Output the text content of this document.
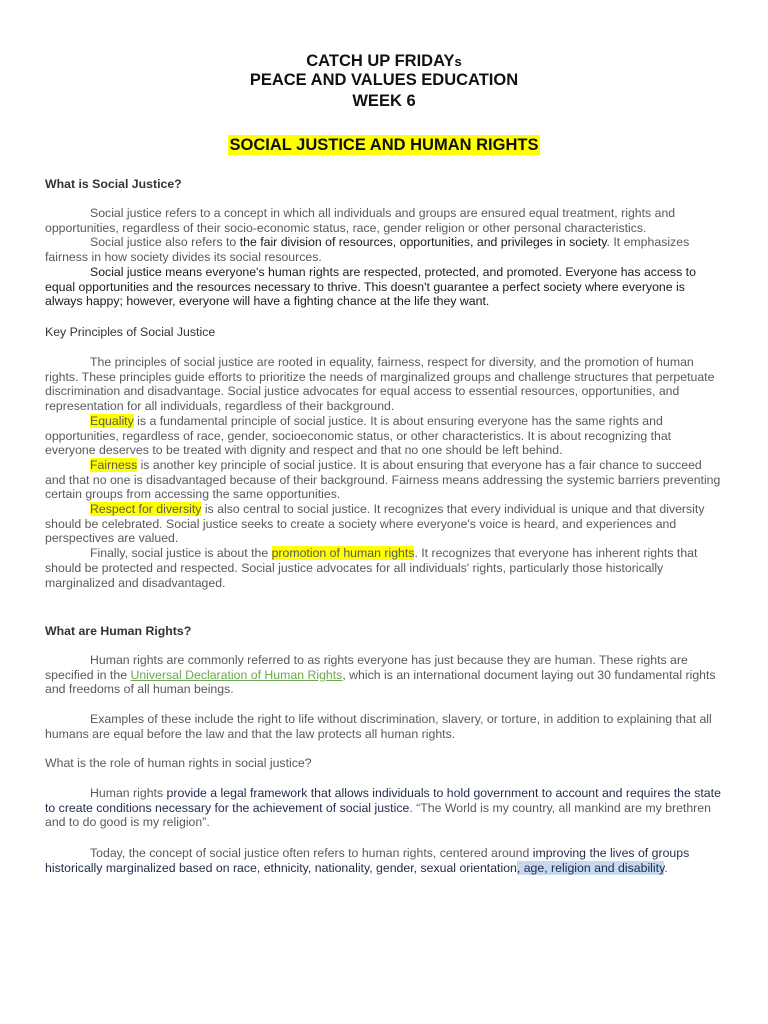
CATCH UP FRIDAYs
PEACE AND VALUES EDUCATION
WEEK 6
SOCIAL JUSTICE AND HUMAN RIGHTS
What is Social Justice?

Social justice refers to a concept in which all individuals and groups are ensured equal treatment, rights and opportunities, regardless of their socio-economic status, race, gender religion or other personal characteristics.

Social justice also refers to the fair division of resources, opportunities, and privileges in society. It emphasizes fairness in how society divides its social resources.

Social justice means everyone's human rights are respected, protected, and promoted. Everyone has access to equal opportunities and the resources necessary to thrive. This doesn't guarantee a perfect society where everyone is always happy; however, everyone will have a fighting chance at the life they want.

Key Principles of Social Justice

The principles of social justice are rooted in equality, fairness, respect for diversity, and the promotion of human rights. These principles guide efforts to prioritize the needs of marginalized groups and challenge structures that perpetuate discrimination and disadvantage. Social justice advocates for equal access to essential resources, opportunities, and representation for all individuals, regardless of their background.

Equality is a fundamental principle of social justice. It is about ensuring everyone has the same rights and opportunities, regardless of race, gender, socioeconomic status, or other characteristics. It is about recognizing that everyone deserves to be treated with dignity and respect and that no one should be left behind.

Fairness is another key principle of social justice. It is about ensuring that everyone has a fair chance to succeed and that no one is disadvantaged because of their background. Fairness means addressing the systemic barriers preventing certain groups from accessing the same opportunities.

Respect for diversity is also central to social justice. It recognizes that every individual is unique and that diversity should be celebrated. Social justice seeks to create a society where everyone's voice is heard, and experiences and perspectives are valued.

Finally, social justice is about the promotion of human rights. It recognizes that everyone has inherent rights that should be protected and respected. Social justice advocates for all individuals' rights, particularly those historically marginalized and disadvantaged.

What are Human Rights?

Human rights are commonly referred to as rights everyone has just because they are human. These rights are specified in the Universal Declaration of Human Rights, which is an international document laying out 30 fundamental rights and freedoms of all human beings.

Examples of these include the right to life without discrimination, slavery, or torture, in addition to explaining that all humans are equal before the law and that the law protects all human rights.

What is the role of human rights in social justice?

Human rights provide a legal framework that allows individuals to hold government to account and requires the state to create conditions necessary for the achievement of social justice. “The World is my country, all mankind are my brethren and to do good is my religion”.

Today, the concept of social justice often refers to human rights, centered around improving the lives of groups historically marginalized based on race, ethnicity, nationality, gender, sexual orientation, age, religion and disability.
